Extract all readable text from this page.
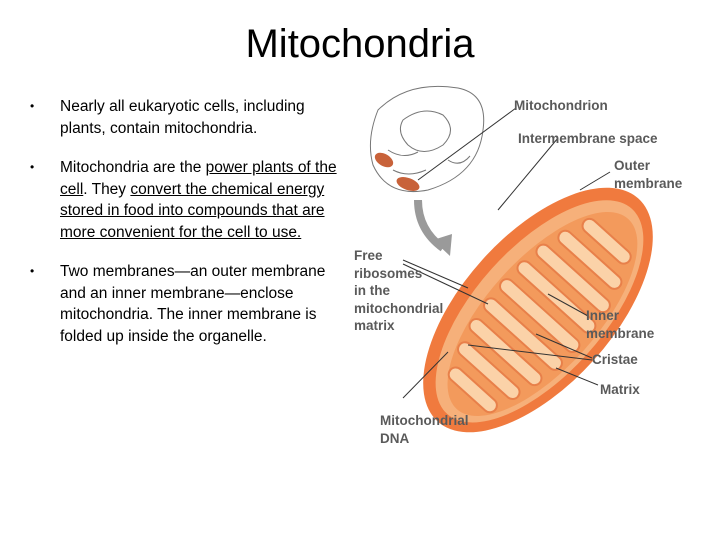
Mitochondria
• Nearly all eukaryotic cells, including plants, contain mitochondria.
• Mitochondria are the power plants of the cell. They convert the chemical energy stored in food into compounds that are more convenient for the cell to use.
• Two membranes—an outer membrane and an inner membrane—enclose mitochondria. The inner membrane is folded up inside the organelle.
Mitochondrion
Intermembrane space
Outer
membrane
Free
ribosomes
in the
mitochondrial
matrix
Inner
membrane
Cristae
Matrix
Mitochondrial
DNA
